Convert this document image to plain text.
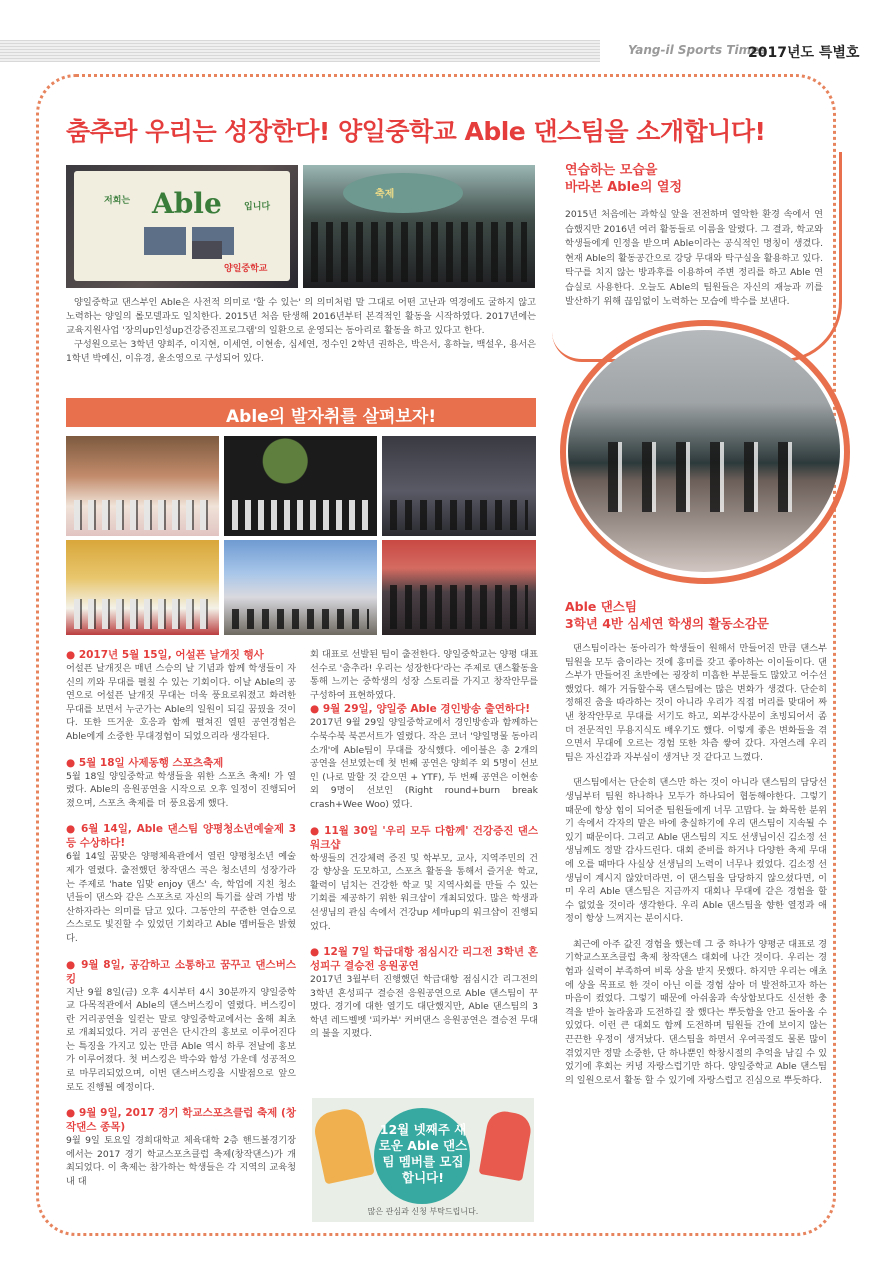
Yang-il Sports Times
2017년도 특별호
춤추라 우리는 성장한다! 양일중학교 Able 댄스팀을 소개합니다!
저희는 Able 입니다
양일중학교
축제

양일중학교 댄스부인 Able은 사전적 의미로 '할 수 있는' 의 의미처럼 말 그대로 어떤 고난과 역경에도 굴하지 않고 노력하는 양일의 롤모델과도 일치한다. 2015년 처음 탄생해 2016년부터 본격적인 활동을 시작하였다. 2017년에는 교육지원사업 '장의up인성up건강증진프로그램'의 일환으로 운영되는 동아리로 활동을 하고 있다고 한다.

구성원으로는 3학년 양희주, 이지현, 이세연, 이현송, 심세연, 정수인 2학년 권하은, 박은서, 홍하늘, 백설우, 용서은 1학년 박예신, 이유경, 윤소영으로 구성되어 있다.

Able의 발자취를 살펴보자!
● 2017년 5월 15일, 어설픈 날개짓 행사

어설픈 날개짓은 매년 스승의 날 기념과 함께 학생들이 자신의 끼와 무대를 펼칠 수 있는 기회이다. 이날 Able의 공연으로 어설픈 날개짓 무대는 더욱 풍요로워졌고 화려한 무대를 보면서 누군가는 Able의 일원이 되길 꿈꿨을 것이다. 또한 뜨거운 호응과 함께 펼쳐진 열띤 공연경험은 Able에게 소중한 무대경험이 되었으리라 생각된다.

● 5월 18일 사제동행 스포츠축제

5월 18일 양일중학교 학생들을 위한 스포츠 축제! 가 열렸다. Able의 응원공연을 시작으로 오후 일정이 진행되어졌으며, 스포츠 축제를 더 풍요롭게 했다.

● 6월 14일, Able 댄스팀 양평청소년예술제 3등 수상하다!

6월 14일 꿈맞은 양평체육관에서 열린 양평청소년 예술제가 열렸다. 출전했던 창작댄스 곡은 청소년의 성장가라는 주제로 'hate 입맞 enjoy 댄스' 속, 학업에 지친 청소년들이 댄스와 같은 스포츠로 자신의 특기를 살려 가볍 방산하자라는 의미를 담고 있다. 그동안의 꾸준한 연습으로 스스로도 빛진할 수 있었던 기회라고 Able 멤버들은 밝혔다.

● 9월 8일, 공감하고 소통하고 꿈꾸고 댄스버스킹

지난 9월 8일(금) 오후 4시부터 4시 30분까지 양일중학교 다목적관에서 Able의 댄스버스킹이 열렸다. 버스킹이란 거리공연을 일컫는 말로 양일중학교에서는 올해 최초로 개최되었다. 거리 공연은 단시간의 홍보로 이루어진다는 특징을 가지고 있는 만큼 Able 역시 하루 전날에 홍보가 이루어졌다. 첫 버스킹은 박수와 함성 가운데 성공적으로 마무리되었으며, 이번 댄스버스킹을 시발점으로 앞으로도 진행될 예정이다.

● 9월 9일, 2017 경기 학교스포츠클럽 축제 (창작댄스 종목)

9월 9일 토요일 경희대학교 체육대학 2층 핸드볼경기장에서는 2017 경기 학교스포츠클럽 축제(창작댄스)가 개최되었다. 이 축제는 참가하는 학생들은 각 지역의 교육청내 대

회 대표로 선발된 팀이 출전한다. 양일중학교는 양평 대표선수로 '춤추라! 우리는 성장한다'라는 주제로 댄스활동을 통해 느끼는 중학생의 성장 스토리를 가지고 창작안무를 구성하여 표현하였다.

● 9월 29일, 양일중 Able 경인방송 출연하다!

2017년 9월 29일 양일중학교에서 경인방송과 함께하는 수북수북 북콘서트가 열렸다. 작은 코너 '양일명물 동아리소개'에 Able팀이 무대를 장식했다. 에이블은 총 2개의 공연을 선보였는데 첫 번째 공연은 양희주 외 5명이 선보인 (나로 말할 것 같으면 + YTF), 두 번째 공연은 이현송 외 9명이 선보인 (Right round+burn break crash+Wee Woo) 였다.

● 11월 30일 '우리 모두 다함께' 건강증진 댄스 워크샵

학생들의 건강체력 증진 및 학부모, 교사, 지역주민의 건강 향상을 도모하고, 스포츠 활동을 통해서 즐거운 학교, 활력이 넘치는 건강한 학교 및 지역사회를 만들 수 있는 기회를 제공하기 위한 워크샵이 개최되었다. 많은 학생과 선생님의 관심 속에서 건강up 세마up의 워크샵이 진행되었다.

● 12월 7일 학급대항 점심시간 리그전 3학년 혼성피구 결승전 응원공연

2017년 3월부터 진행했던 학급대항 점심시간 리그전의 3학년 혼성피구 결승전 응원공연으로 Able 댄스팀이 꾸몄다. 경기에 대한 열기도 대단했지만, Able 댄스팀의 3학년 레드벨벳 '피카부' 커버댄스 응원공연은 결승전 무대의 불을 지폈다.

12월 넷째주 새로운 Able 댄스팀 멤버를 모집합니다!
많은 관심과 신청 부탁드립니다.
연습하는 모습을
바라본 Able의 열정
2015년 처음에는 과학실 앞을 전전하며 열악한 환경 속에서 연습했지만 2016년 여러 활동들로 이름을 알렸다. 그 결과, 학교와 학생들에게 인정을 받으며 Able이라는 공식적인 명칭이 생겼다. 현재 Able의 활동공간으로 강당 무대와 탁구실을 활용하고 있다. 탁구를 치지 않는 방과후를 이용하여 주변 정리를 하고 Able 연습실로 사용한다. 오늘도 Able의 팀원들은 자신의 재능과 끼를 발산하기 위해 끊임없이 노력하는 모습에 박수를 보낸다.
Able 댄스팀
3학년 4반 심세연 학생의 활동소감문

댄스팀이라는 동아리가 학생들이 원해서 만들어진 만큼 댄스부 팀원을 모두 춤이라는 것에 흥미를 갖고 좋아하는 이이들이다. 댄스부가 만들어진 초반에는 굉장히 미흡한 부분들도 많았고 어수선했었다. 해가 거듭할수록 댄스팀에는 많은 변화가 생겼다. 단순히 정해진 춤을 따라하는 것이 아니라 우리가 직접 머리를 맞대어 짜낸 창작안무로 무대를 서기도 하고, 외부강사분이 초빙되어서 좀 더 전문적인 무용지식도 배우기도 했다. 이렇게 좋은 변화들을 겪으면서 무대에 오르는 경험 또한 차츰 쌓여 갔다. 자연스레 우리 팀은 자신감과 자부심이 생겨난 것 같다고 느꼈다.

댄스팀에서는 단순히 댄스만 하는 것이 아니라 댄스팀의 담당선생님부터 팀원 하나하나 모두가 하나되어 협동해야한다. 그렇기 때문에 항상 힘이 되어준 팀원들에게 너무 고맙다. 늘 화목한 분위기 속에서 각자의 맡은 바에 충실하기에 우리 댄스팀이 지속될 수 있기 때문이다. 그리고 Able 댄스팀의 지도 선생님이신 김소정 선생님께도 정말 감사드린다. 대회 준비를 하거나 다양한 축제 무대에 오를 때마다 사실상 선생님의 노력이 너무나 컸었다. 김소정 선생님이 계시지 않았더라면, 이 댄스팀을 담당하지 않으셨다면, 이미 우리 Able 댄스팀은 지금까지 대회나 무대에 같은 경험을 할 수 없었을 것이라 생각한다. 우리 Able 댄스팀을 향한 열정과 애정이 항상 느껴지는 분이시다.

최근에 아주 값진 경험을 했는데 그 중 하나가 양평군 대표로 경기학교스포츠클럽 축제 창작댄스 대회에 나간 것이다. 우리는 경험과 실력이 부족하여 비록 상을 받지 못했다. 하지만 우리는 애초에 상을 목표로 한 것이 아닌 이를 경험 삼아 더 발전하고자 하는 마음이 컸었다. 그렇기 때문에 아쉬움과 속상함보다도 신선한 충격을 받아 놀라움과 도전하길 잘 했다는 뿌듯함을 안고 돌아올 수 있었다. 이런 큰 대회도 함께 도전하며 팀원들 간에 보이지 않는 끈끈한 우정이 생겨났다. 댄스팀을 하면서 우여곡절도 물론 많이 겪었지만 정말 소중한, 단 하나뿐인 학창시절의 추억을 남길 수 있었기에 후회는 커녕 자랑스럽기만 하다. 양일중학교 Able 댄스팀의 일원으로서 활동 할 수 있기에 자랑스럽고 진심으로 뿌듯하다.
